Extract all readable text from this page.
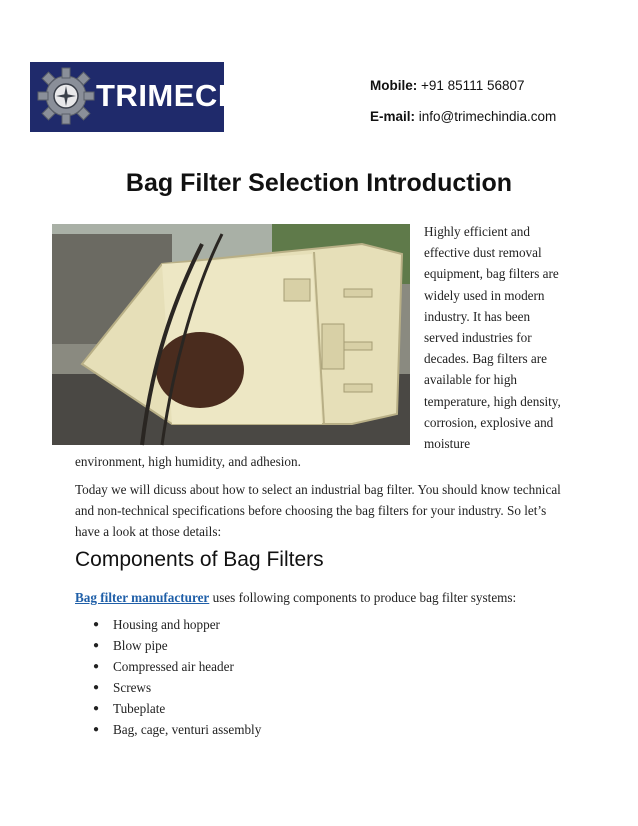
TRIMECH	Mobile: +91 85111 56807
E-mail: info@trimechindia.com
Bag Filter Selection Introduction
Highly efficient and effective dust removal equipment, bag filters are widely used in modern industry. It has been served industries for decades. Bag filters are available for high temperature, high density, corrosion, explosive and moisture

environment, high humidity, and adhesion.

Today we will dicuss about how to select an industrial bag filter. You should know technical and non-technical specifications before choosing the bag filters for your industry. So let’s have a look at those details:

Components of Bag Filters

Bag filter manufacturer uses following components to produce bag filter systems:

● Housing and hopper
● Blow pipe
● Compressed air header
● Screws
● Tubeplate
● Bag, cage, venturi assembly
